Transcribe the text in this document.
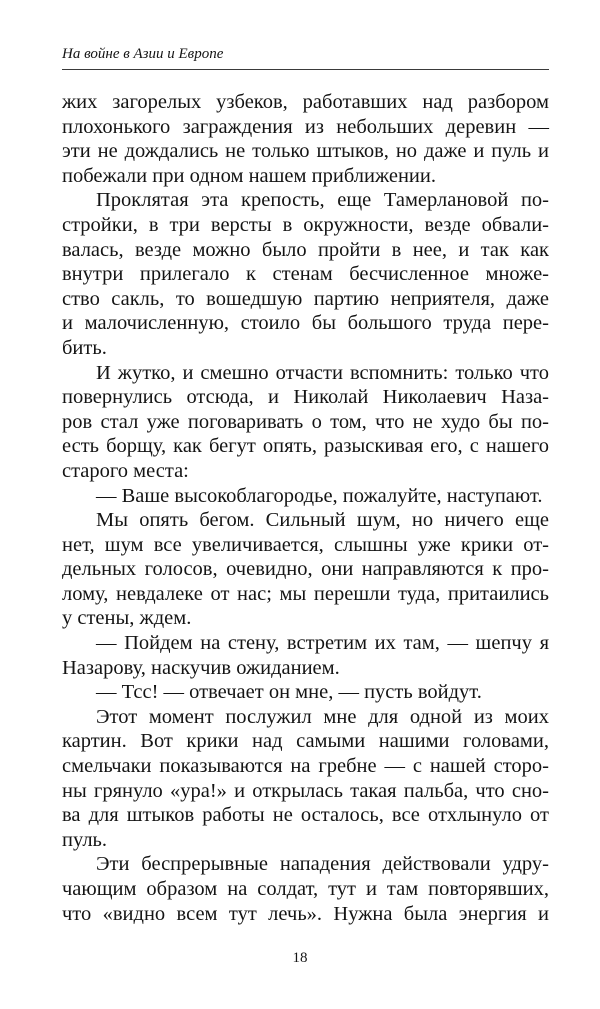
На войне в Азии и Европе
жих загорелых узбеков, работавших над разбором
плохонького заграждения из небольших деревин —
эти не дождались не только штыков, но даже и пуль и
побежали при одном нашем приближении.
Проклятая эта крепость, еще Тамерлановой по-
стройки, в три версты в окружности, везде обвали-
валась, везде можно было пройти в нее, и так как
внутри прилегало к стенам бесчисленное множе-
ство сакль, то вошедшую партию неприятеля, даже
и малочисленную, стоило бы большого труда пере-
бить.
И жутко, и смешно отчасти вспомнить: только что
повернулись отсюда, и Николай Николаевич Наза-
ров стал уже поговаривать о том, что не худо бы по-
есть борщу, как бегут опять, разыскивая его, с нашего
старого места:
— Ваше высокоблагородье, пожалуйте, наступают.
Мы опять бегом. Сильный шум, но ничего еще
нет, шум все увеличивается, слышны уже крики от-
дельных голосов, очевидно, они направляются к про-
лому, невдалеке от нас; мы перешли туда, притаились
у стены, ждем.
— Пойдем на стену, встретим их там, — шепчу я
Назарову, наскучив ожиданием.
— Тсс! — отвечает он мне, — пусть войдут.
Этот момент послужил мне для одной из моих
картин. Вот крики над самыми нашими головами,
смельчаки показываются на гребне — с нашей сторо-
ны грянуло «ура!» и открылась такая пальба, что сно-
ва для штыков работы не осталось, все отхлынуло от
пуль.
Эти беспрерывные нападения действовали удру-
чающим образом на солдат, тут и там повторявших,
что «видно всем тут лечь». Нужна была энергия и
18
